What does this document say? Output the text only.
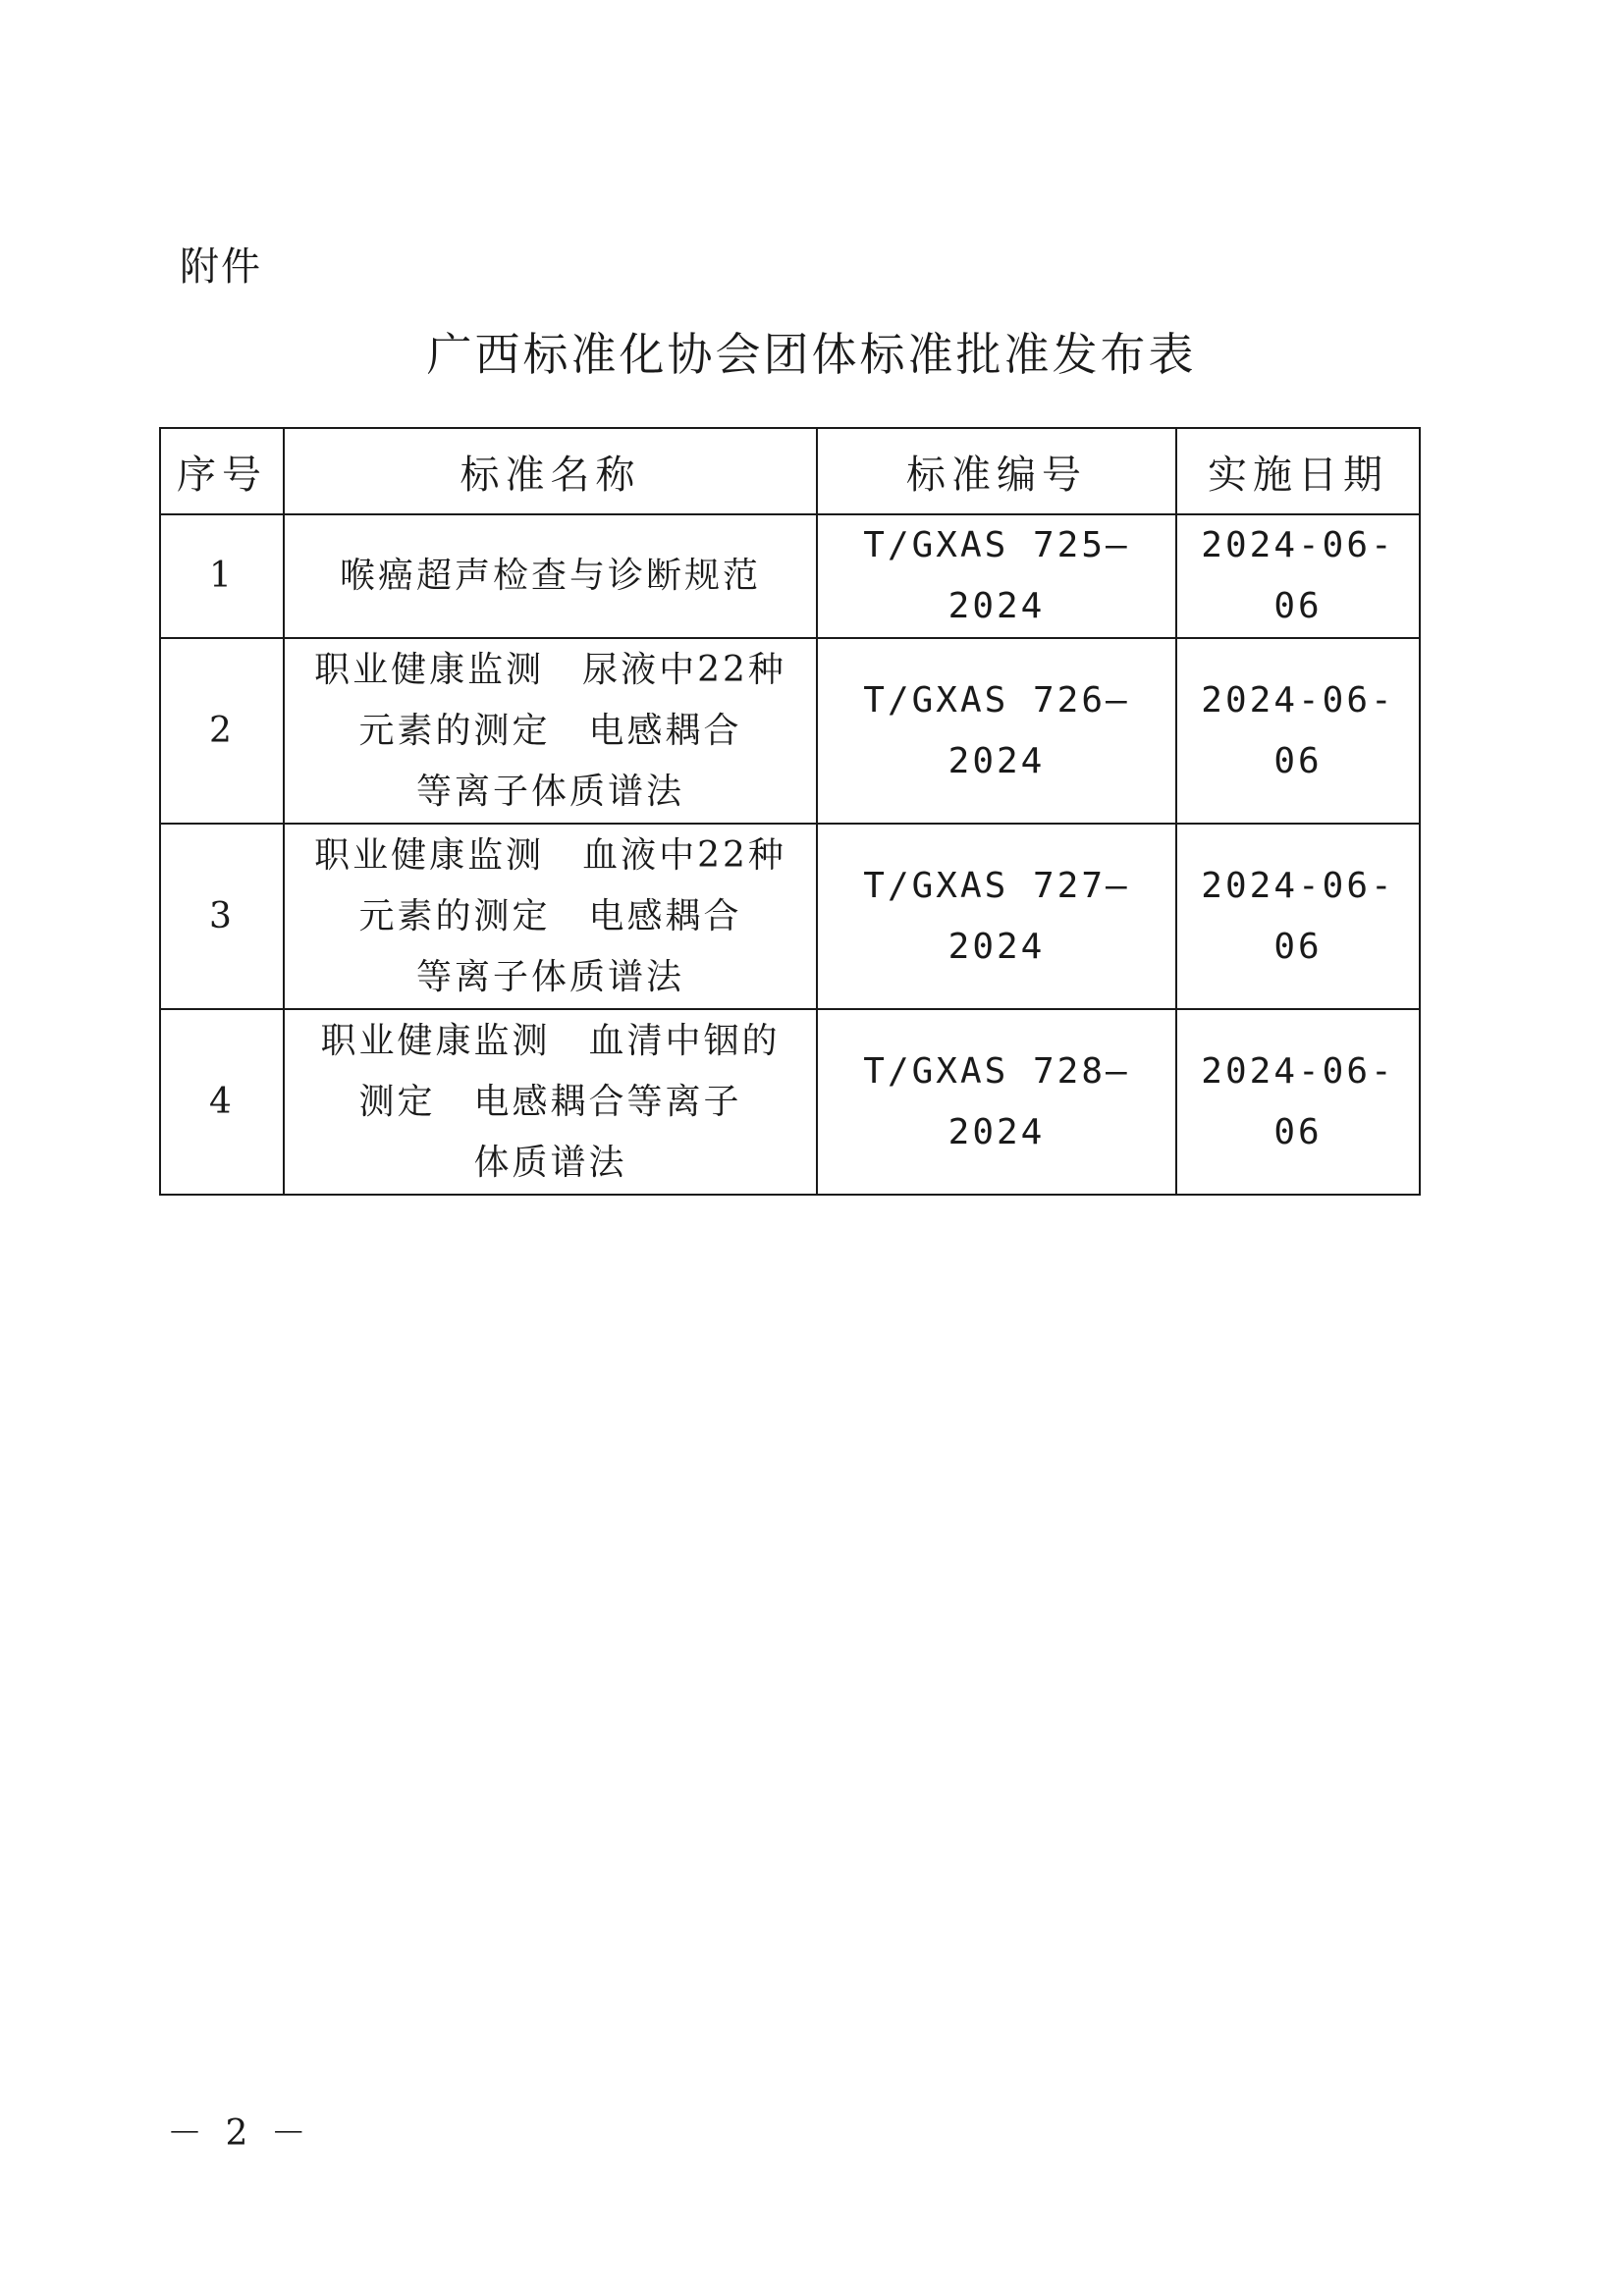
附件
广西标准化协会团体标准批准发布表
序号	标准名称	标准编号	实施日期
1	喉癌超声检查与诊断规范	T/GXAS 725—2024	2024-06-06
2	职业健康监测　尿液中22种
元素的测定　电感耦合
等离子体质谱法	T/GXAS 726—2024	2024-06-06
3	职业健康监测　血液中22种
元素的测定　电感耦合
等离子体质谱法	T/GXAS 727—2024	2024-06-06
4	职业健康监测　血清中铟的
测定　电感耦合等离子
体质谱法	T/GXAS 728—2024	2024-06-06
－ 2 －
